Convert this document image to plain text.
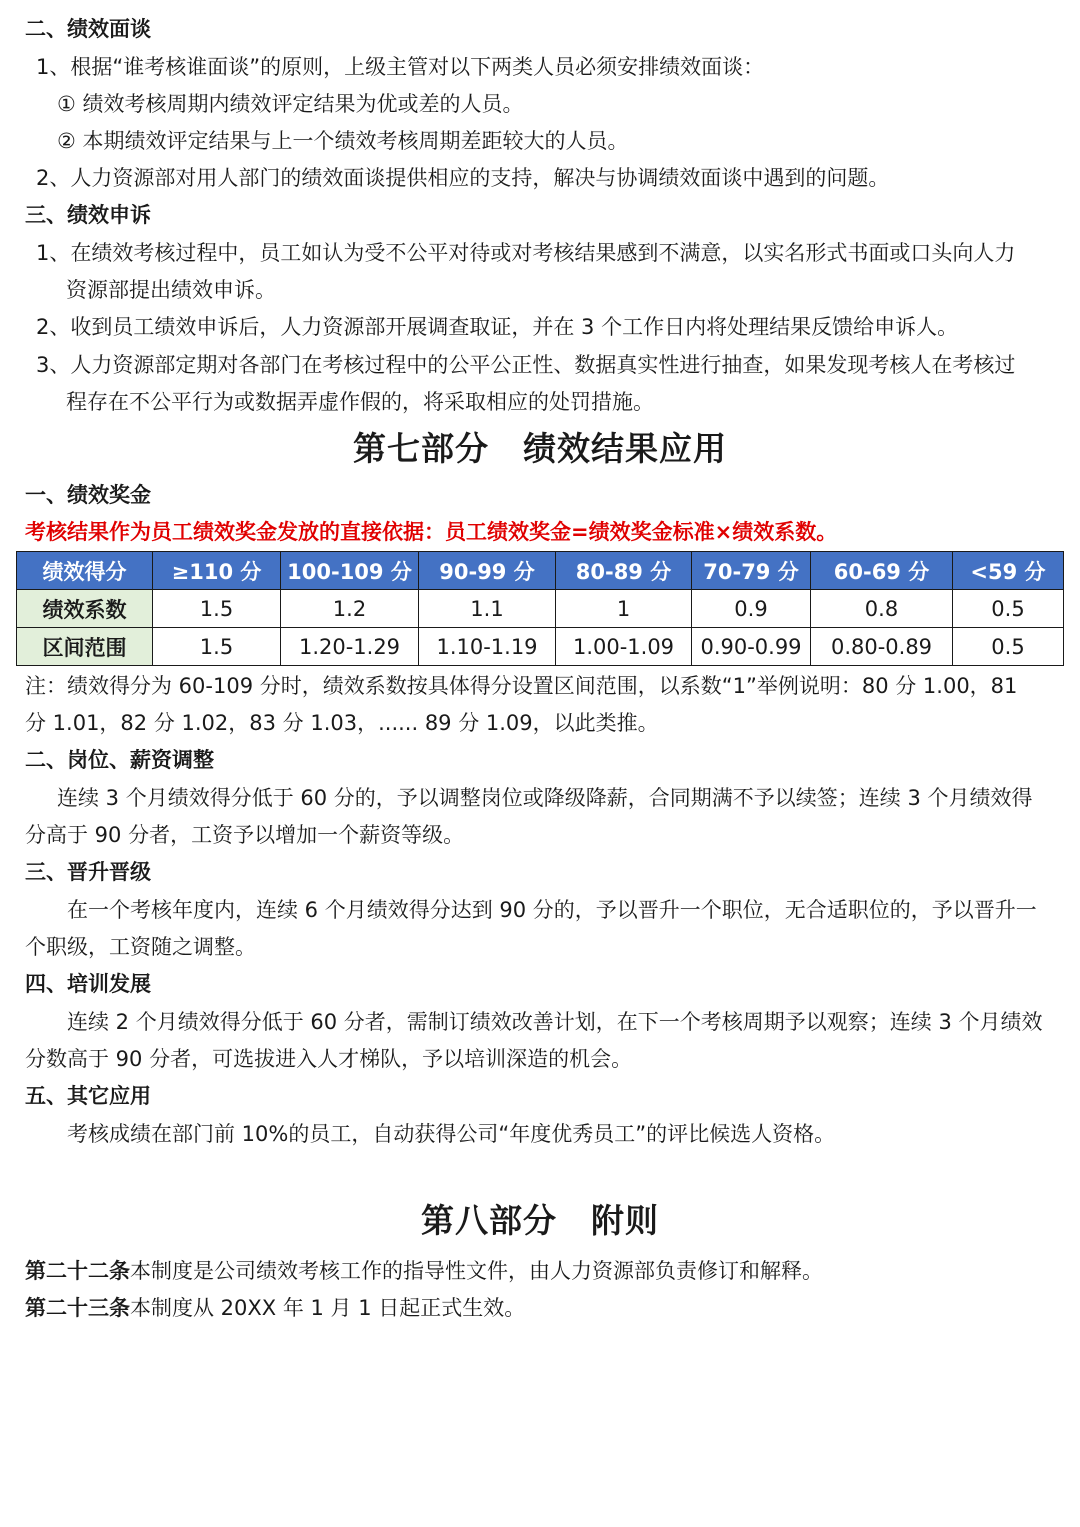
二、绩效面谈
1、根据“谁考核谁面谈”的原则，上级主管对以下两类人员必须安排绩效面谈：
① 绩效考核周期内绩效评定结果为优或差的人员。
② 本期绩效评定结果与上一个绩效考核周期差距较大的人员。
2、人力资源部对用人部门的绩效面谈提供相应的支持，解决与协调绩效面谈中遇到的问题。
三、绩效申诉
1、在绩效考核过程中，员工如认为受不公平对待或对考核结果感到不满意，以实名形式书面或口头向人力
资源部提出绩效申诉。
2、收到员工绩效申诉后，人力资源部开展调查取证，并在 3 个工作日内将处理结果反馈给申诉人。
3、人力资源部定期对各部门在考核过程中的公平公正性、数据真实性进行抽查，如果发现考核人在考核过
程存在不公平行为或数据弄虚作假的，将采取相应的处罚措施。
第七部分　绩效结果应用
一、绩效奖金
考核结果作为员工绩效奖金发放的直接依据：员工绩效奖金=绩效奖金标准×绩效系数。
绩效得分	≥110 分	100-109 分	90-99 分	80-89 分	70-79 分	60-69 分	<59 分
绩效系数	1.5	1.2	1.1	1	0.9	0.8	0.5
区间范围	1.5	1.20-1.29	1.10-1.19	1.00-1.09	0.90-0.99	0.80-0.89	0.5
注：绩效得分为 60-109 分时，绩效系数按具体得分设置区间范围，以系数“1”举例说明：80 分 1.00，81
分 1.01，82 分 1.02，83 分 1.03，...... 89 分 1.09，以此类推。
二、岗位、薪资调整
连续 3 个月绩效得分低于 60 分的，予以调整岗位或降级降薪，合同期满不予以续签；连续 3 个月绩效得
分高于 90 分者，工资予以增加一个薪资等级。
三、晋升晋级
在一个考核年度内，连续 6 个月绩效得分达到 90 分的，予以晋升一个职位，无合适职位的，予以晋升一
个职级，工资随之调整。
四、培训发展
连续 2 个月绩效得分低于 60 分者，需制订绩效改善计划，在下一个考核周期予以观察；连续 3 个月绩效
分数高于 90 分者，可选拔进入人才梯队，予以培训深造的机会。
五、其它应用
考核成绩在部门前 10%的员工，自动获得公司“年度优秀员工”的评比候选人资格。
第八部分　附则
第二十二条本制度是公司绩效考核工作的指导性文件，由人力资源部负责修订和解释。
第二十三条本制度从 20XX 年 1 月 1 日起正式生效。
